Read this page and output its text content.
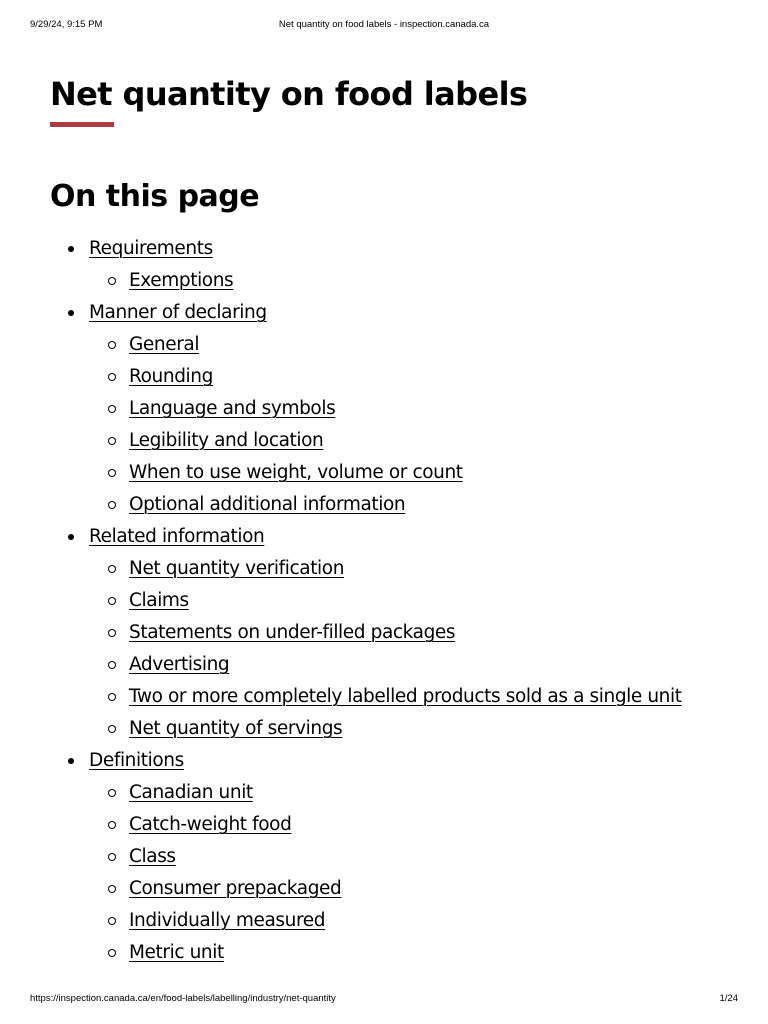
9/29/24, 9:15 PM	Net quantity on food labels - inspection.canada.ca
Net quantity on food labels
On this page
Requirements
Exemptions
Manner of declaring
General
Rounding
Language and symbols
Legibility and location
When to use weight, volume or count
Optional additional information
Related information
Net quantity verification
Claims
Statements on under-filled packages
Advertising
Two or more completely labelled products sold as a single unit
Net quantity of servings
Definitions
Canadian unit
Catch-weight food
Class
Consumer prepackaged
Individually measured
Metric unit
https://inspection.canada.ca/en/food-labels/labelling/industry/net-quantity	1/24
